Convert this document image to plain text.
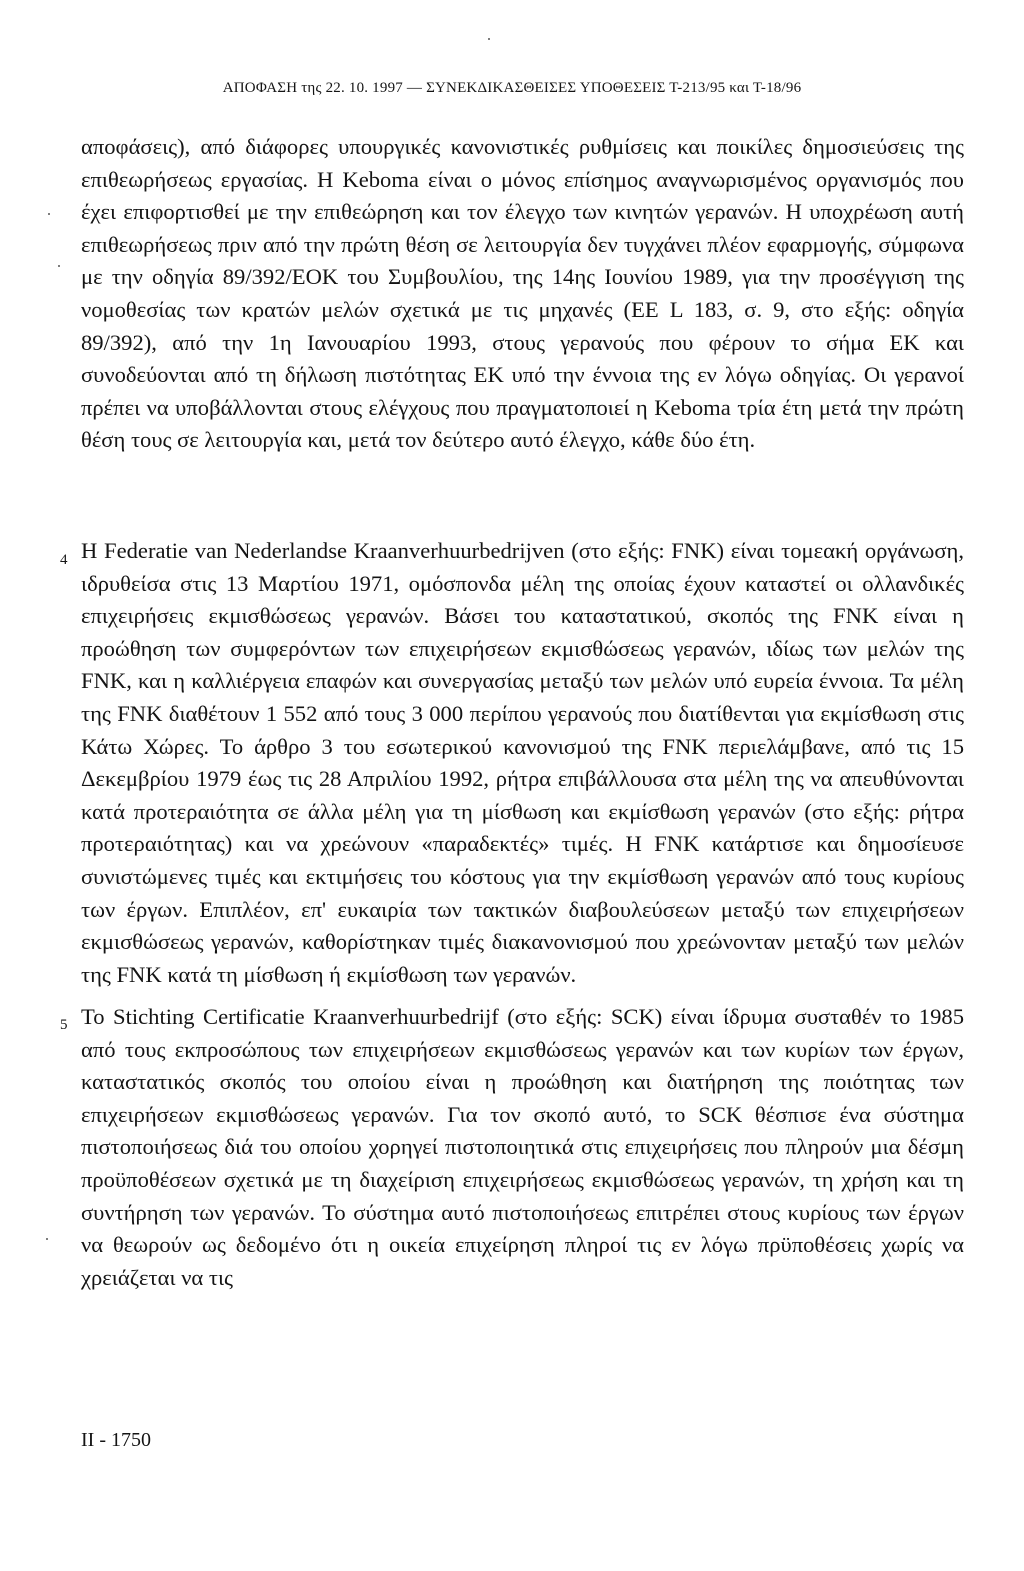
ΑΠΟΦΑΣΗ της 22. 10. 1997 — ΣΥΝΕΚΔΙΚΑΣΘΕΙΣΕΣ ΥΠΟΘΕΣΕΙΣ Τ-213/95 και Τ-18/96
αποφάσεις), από διάφορες υπουργικές κανονιστικές ρυθμίσεις και ποικίλες δημοσιεύσεις της επιθεωρήσεως εργασίας. Η Keboma είναι ο μόνος επίσημος αναγνωρισμένος οργανισμός που έχει επιφορτισθεί με την επιθεώρηση και τον έλεγχο των κινητών γερανών. Η υποχρέωση αυτή επιθεωρήσεως πριν από την πρώτη θέση σε λειτουργία δεν τυγχάνει πλέον εφαρμογής, σύμφωνα με την οδηγία 89/392/ΕΟΚ του Συμβουλίου, της 14ης Ιουνίου 1989, για την προσέγγιση της νομοθεσίας των κρατών μελών σχετικά με τις μηχανές (ΕΕ L 183, σ. 9, στο εξής: οδηγία 89/392), από την 1η Ιανουαρίου 1993, στους γερανούς που φέρουν το σήμα ΕΚ και συνοδεύονται από τη δήλωση πιστότητας ΕΚ υπό την έννοια της εν λόγω οδηγίας. Οι γερανοί πρέπει να υποβάλλονται στους ελέγχους που πραγματοποιεί η Keboma τρία έτη μετά την πρώτη θέση τους σε λειτουργία και, μετά τον δεύτερο αυτό έλεγχο, κάθε δύο έτη.
4 Η Federatie van Nederlandse Kraanverhuurbedrijven (στο εξής: FNK) είναι τομεακή οργάνωση, ιδρυθείσα στις 13 Μαρτίου 1971, ομόσπονδα μέλη της οποίας έχουν καταστεί οι ολλανδικές επιχειρήσεις εκμισθώσεως γερανών. Βάσει του καταστατικού, σκοπός της FNK είναι η προώθηση των συμφερόντων των επιχειρήσεων εκμισθώσεως γερανών, ιδίως των μελών της FNK, και η καλλιέργεια επαφών και συνεργασίας μεταξύ των μελών υπό ευρεία έννοια. Τα μέλη της FNK διαθέτουν 1 552 από τους 3 000 περίπου γερανούς που διατίθενται για εκμίσθωση στις Κάτω Χώρες. Το άρθρο 3 του εσωτερικού κανονισμού της FNK περιελάμβανε, από τις 15 Δεκεμβρίου 1979 έως τις 28 Απριλίου 1992, ρήτρα επιβάλλουσα στα μέλη της να απευθύνονται κατά προτεραιότητα σε άλλα μέλη για τη μίσθωση και εκμίσθωση γερανών (στο εξής: ρήτρα προτεραιότητας) και να χρεώνουν «παραδεκτές» τιμές. Η FNK κατάρτισε και δημοσίευσε συνιστώμενες τιμές και εκτιμήσεις του κόστους για την εκμίσθωση γερανών από τους κυρίους των έργων. Επιπλέον, επ' ευκαιρία των τακτικών διαβουλεύσεων μεταξύ των επιχειρήσεων εκμισθώσεως γερανών, καθορίστηκαν τιμές διακανονισμού που χρεώνονταν μεταξύ των μελών της FNK κατά τη μίσθωση ή εκμίσθωση των γερανών.
5 Το Stichting Certificatie Kraanverhuurbedrijf (στο εξής: SCK) είναι ίδρυμα συσταθέν το 1985 από τους εκπροσώπους των επιχειρήσεων εκμισθώσεως γερανών και των κυρίων των έργων, καταστατικός σκοπός του οποίου είναι η προώθηση και διατήρηση της ποιότητας των επιχειρήσεων εκμισθώσεως γερανών. Για τον σκοπό αυτό, το SCK θέσπισε ένα σύστημα πιστοποιήσεως διά του οποίου χορηγεί πιστοποιητικά στις επιχειρήσεις που πληρούν μια δέσμη προϋποθέσεων σχετικά με τη διαχείριση επιχειρήσεως εκμισθώσεως γερανών, τη χρήση και τη συντήρηση των γερανών. Το σύστημα αυτό πιστοποιήσεως επιτρέπει στους κυρίους των έργων να θεωρούν ως δεδομένο ότι η οικεία επιχείρηση πληροί τις εν λόγω πρϋποθέσεις χωρίς να χρειάζεται να τις
II - 1750
